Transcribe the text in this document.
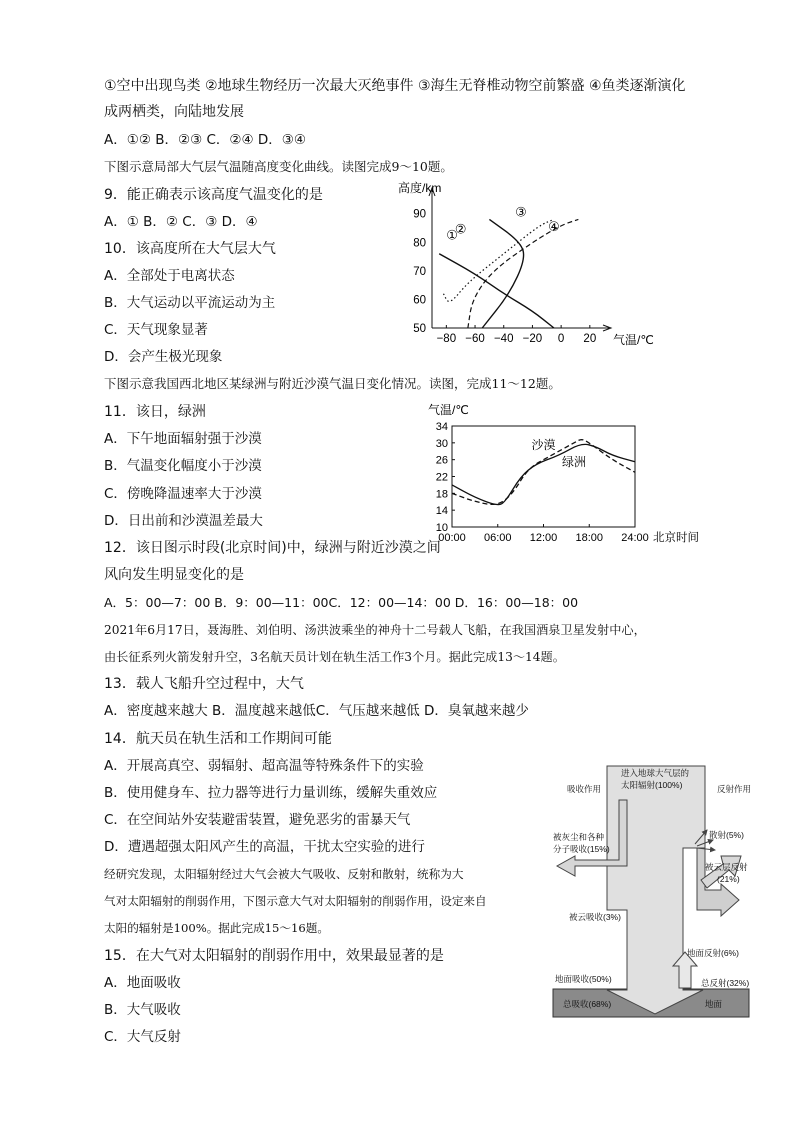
①空中出现鸟类 ②地球生物经历一次最大灭绝事件 ③海生无脊椎动物空前繁盛 ④鱼类逐渐演化
成两栖类，向陆地发展
A．①② B．②③ C．②④ D．③④
下图示意局部大气层气温随高度变化曲线。读图完成9～10题。
9．能正确表示该高度气温变化的是
A．① B．② C．③ D．④
10．该高度所在大气层大气
A．全部处于电离状态
B．大气运动以平流运动为主
C．天气现象显著
D．会产生极光现象
下图示意我国西北地区某绿洲与附近沙漠气温日变化情况。读图，完成11～12题。
11．该日，绿洲
A．下午地面辐射强于沙漠
B．气温变化幅度小于沙漠
C．傍晚降温速率大于沙漠
D．日出前和沙漠温差最大
12．该日图示时段(北京时间)中，绿洲与附近沙漠之间
风向发生明显变化的是
A．5：00—7：00 B．9：00—11：00C．12：00—14：00 D．16：00—18：00
2021年6月17日，聂海胜、刘伯明、汤洪波乘坐的神舟十二号载人飞船，在我国酒泉卫星发射中心，
由长征系列火箭发射升空，3名航天员计划在轨生活工作3个月。据此完成13～14题。
13．载人飞船升空过程中，大气
A．密度越来越大 B．温度越来越低C．气压越来越低 D．臭氧越来越少
14．航天员在轨生活和工作期间可能
A．开展高真空、弱辐射、超高温等特殊条件下的实验
B．使用健身车、拉力器等进行力量训练，缓解失重效应
C．在空间站外安装避雷装置，避免恶劣的雷暴天气
D．遭遇超强太阳风产生的高温，干扰太空实验的进行
经研究发现，太阳辐射经过大气会被大气吸收、反射和散射，统称为大
气对太阳辐射的削弱作用，下图示意大气对太阳辐射的削弱作用，设定来自
太阳的辐射是100%。据此完成15～16题。
15．在大气对太阳辐射的削弱作用中，效果最显著的是
A．地面吸收
B．大气吸收
C．大气反射
高度/km
气温/℃
50
60
70
80
90
−80 −60 −40 −20 0 20
①
②
③
④
气温/℃
10
14
18
22
26
30
34
00:00 06:00 12:00 18:00 24:00 北京时间
沙漠
绿洲
吸收作用	反射作用
进入地球大气层的
太阳辐射(100%)
被灰尘和各种
分子吸收(15%)
散射(5%)
被云层反射
(21%)
被云吸收(3%)
地面反射(6%)
总反射(32%)
地面吸收(50%)
总吸收(68%)	地面
